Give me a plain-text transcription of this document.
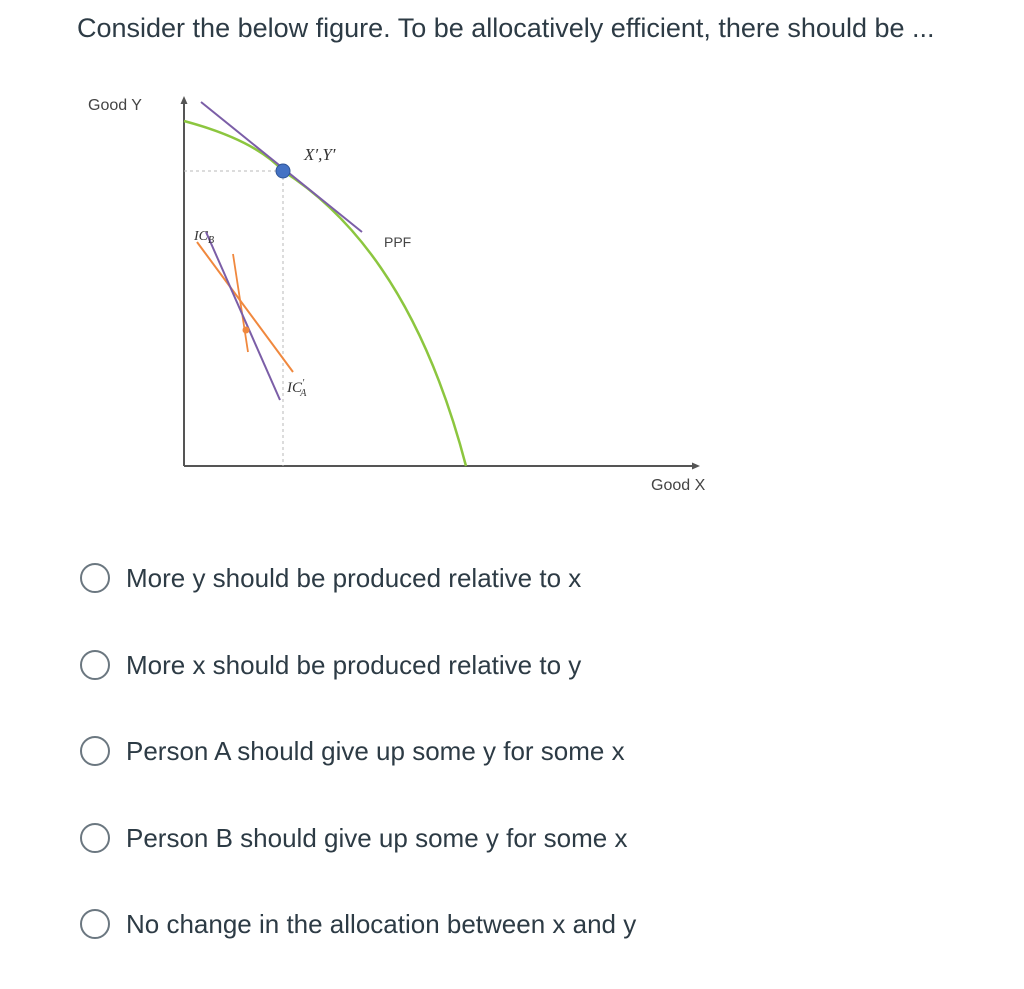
Consider the below figure. To be allocatively efficient, there should be ...
Good Y
Good X
X′,Y′
PPF
$IC_B$
IC′ A
More y should be produced relative to x
More x should be produced relative to y
Person A should give up some y for some x
Person B should give up some y for some x
No change in the allocation between x and y
